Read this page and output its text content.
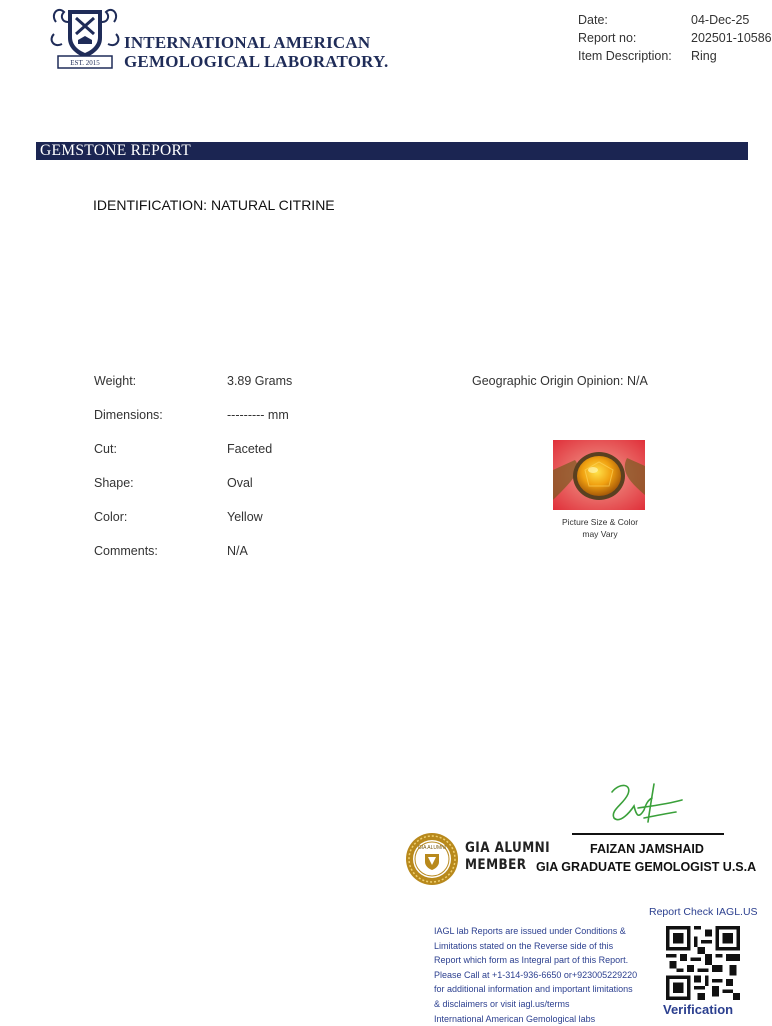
EST. 2015
INTERNATIONAL AMERICAN
GEMOLOGICAL LABORATORY.
Date:	04-Dec-25
Report no:	202501-10586
Item Description: Ring
GEMSTONE REPORT
IDENTIFICATION: NATURAL CITRINE
Weight:	3.89 Grams
Dimensions:	--------- mm
Cut:	Faceted
Shape:	Oval
Color:	Yellow
Comments:	N/A
Geographic Origin Opinion: N/A
Picture Size & Color
may Vary
FAIZAN JAMSHAID
GIA GRADUATE GEMOLOGIST U.S.A
GIA ALUMNI GIA ALUMNI
MEMBER
IAGL lab Reports are issued under Conditions &
Limitations stated on the Reverse side of this
Report which form as Integral part of this Report.
Please Call at +1-314-936-6650 or+923005229220
for additional information and important limitations
& disclaimers or visit iagl.us/terms
International American Gemological labs
Report Check IAGL.US
Verification
